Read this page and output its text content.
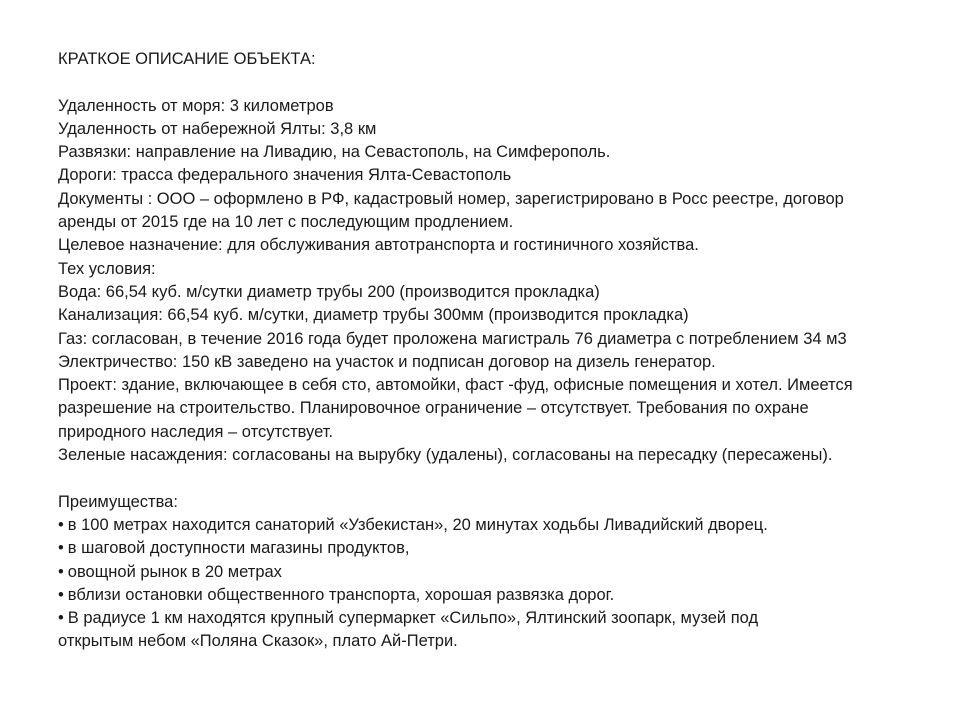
КРАТКОЕ ОПИСАНИЕ ОБЪЕКТА:
Удаленность от моря: 3 километров
Удаленность от набережной Ялты: 3,8 км
Развязки: направление на Ливадию, на Севастополь, на Симферополь.
Дороги: трасса федерального значения Ялта-Севастополь
Документы : ООО – оформлено в РФ, кадастровый номер, зарегистрировано в Росс реестре, договор
аренды от 2015 где на 10 лет с последующим продлением.
Целевое назначение: для обслуживания автотранспорта и гостиничного хозяйства.
Тех условия:
Вода: 66,54 куб. м/сутки диаметр трубы 200 (производится прокладка)
Канализация: 66,54 куб. м/сутки, диаметр трубы 300мм (производится прокладка)
Газ: согласован, в течение 2016 года будет проложена магистраль 76 диаметра с потреблением 34 м3
Электричество: 150 кВ заведено на участок и подписан договор на дизель генератор.
Проект: здание, включающее в себя сто, автомойки, фаст -фуд, офисные помещения и хотел. Имеется
разрешение на строительство. Планировочное ограничение – отсутствует. Требования по охране
природного наследия – отсутствует.
Зеленые насаждения: согласованы на вырубку (удалены), согласованы на пересадку (пересажены).
Преимущества:
• в 100 метрах находится санаторий «Узбекистан», 20 минутах ходьбы Ливадийский дворец.
• в шаговой доступности магазины продуктов,
• овощной рынок в 20 метрах
• вблизи остановки общественного транспорта, хорошая развязка дорог.
• В радиусе 1 км находятся крупный супермаркет «Сильпо», Ялтинский зоопарк, музей под
открытым небом «Поляна Сказок», плато Ай-Петри.
